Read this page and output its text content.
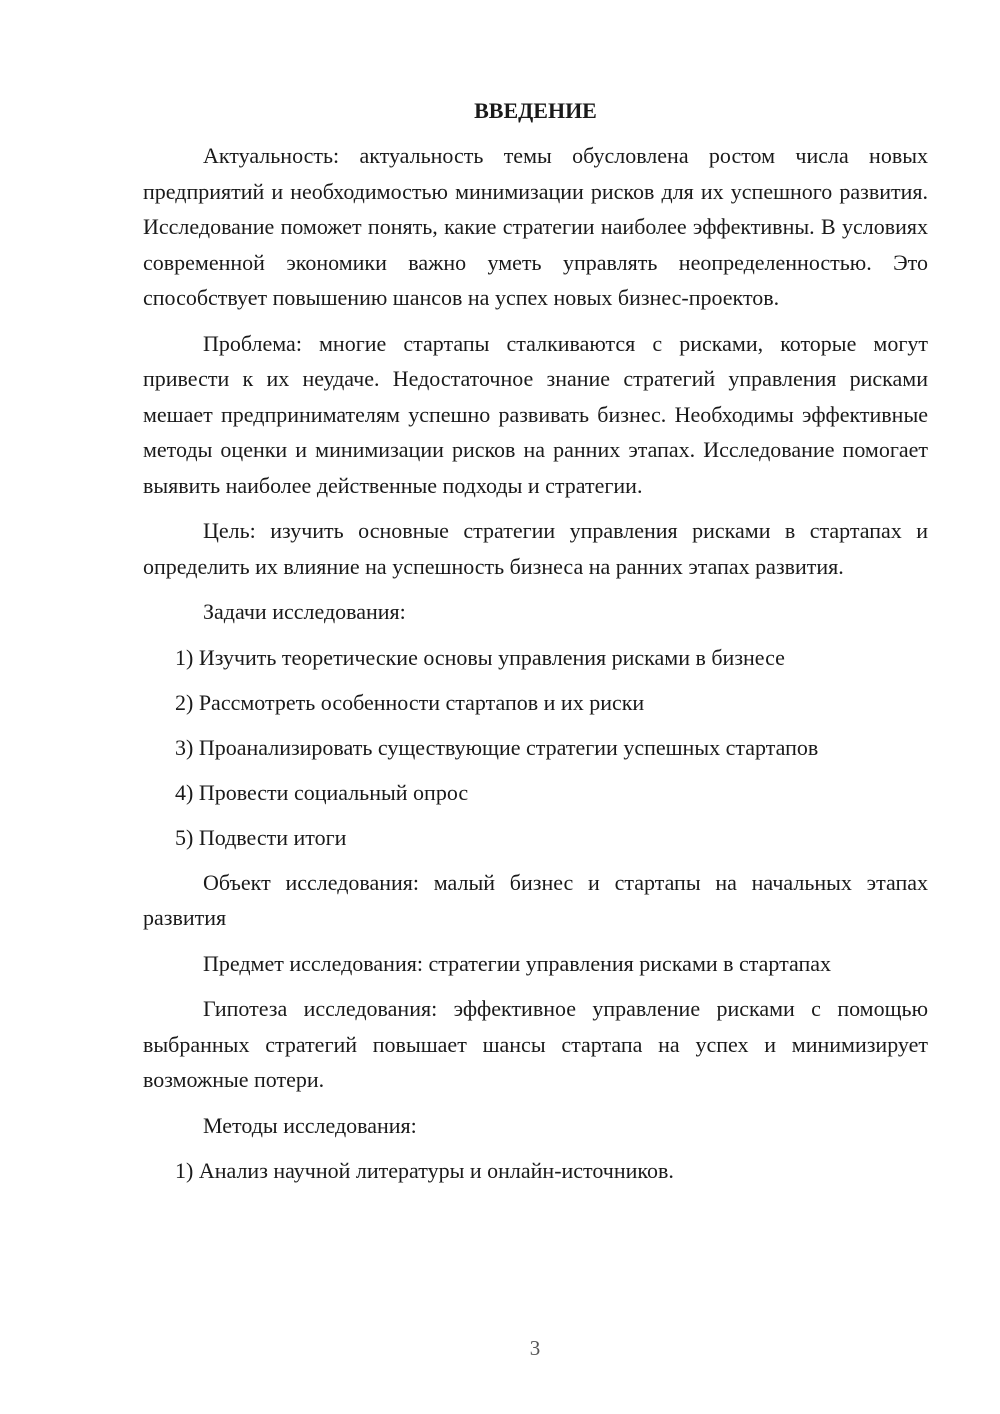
ВВЕДЕНИЕ

Актуальность: актуальность темы обусловлена ростом числа новых предприятий и необходимостью минимизации рисков для их успешного развития. Исследование поможет понять, какие стратегии наиболее эффективны. В условиях современной экономики важно уметь управлять неопределенностью. Это способствует повышению шансов на успех новых бизнес-проектов.

Проблема: многие стартапы сталкиваются с рисками, которые могут привести к их неудаче. Недостаточное знание стратегий управления рисками мешает предпринимателям успешно развивать бизнес. Необходимы эффективные методы оценки и минимизации рисков на ранних этапах. Исследование помогает выявить наиболее действенные подходы и стратегии.

Цель: изучить основные стратегии управления рисками в стартапах и определить их влияние на успешность бизнеса на ранних этапах развития.

Задачи исследования:

1) Изучить теоретические основы управления рисками в бизнесе
2) Рассмотреть особенности стартапов и их риски
3) Проанализировать существующие стратегии успешных стартапов
4) Провести социальный опрос
5) Подвести итоги

Объект исследования: малый бизнес и стартапы на начальных этапах развития

Предмет исследования: стратегии управления рисками в стартапах

Гипотеза исследования: эффективное управление рисками с помощью выбранных стратегий повышает шансы стартапа на успех и минимизирует возможные потери.

Методы исследования:

1) Анализ научной литературы и онлайн-источников.
3
